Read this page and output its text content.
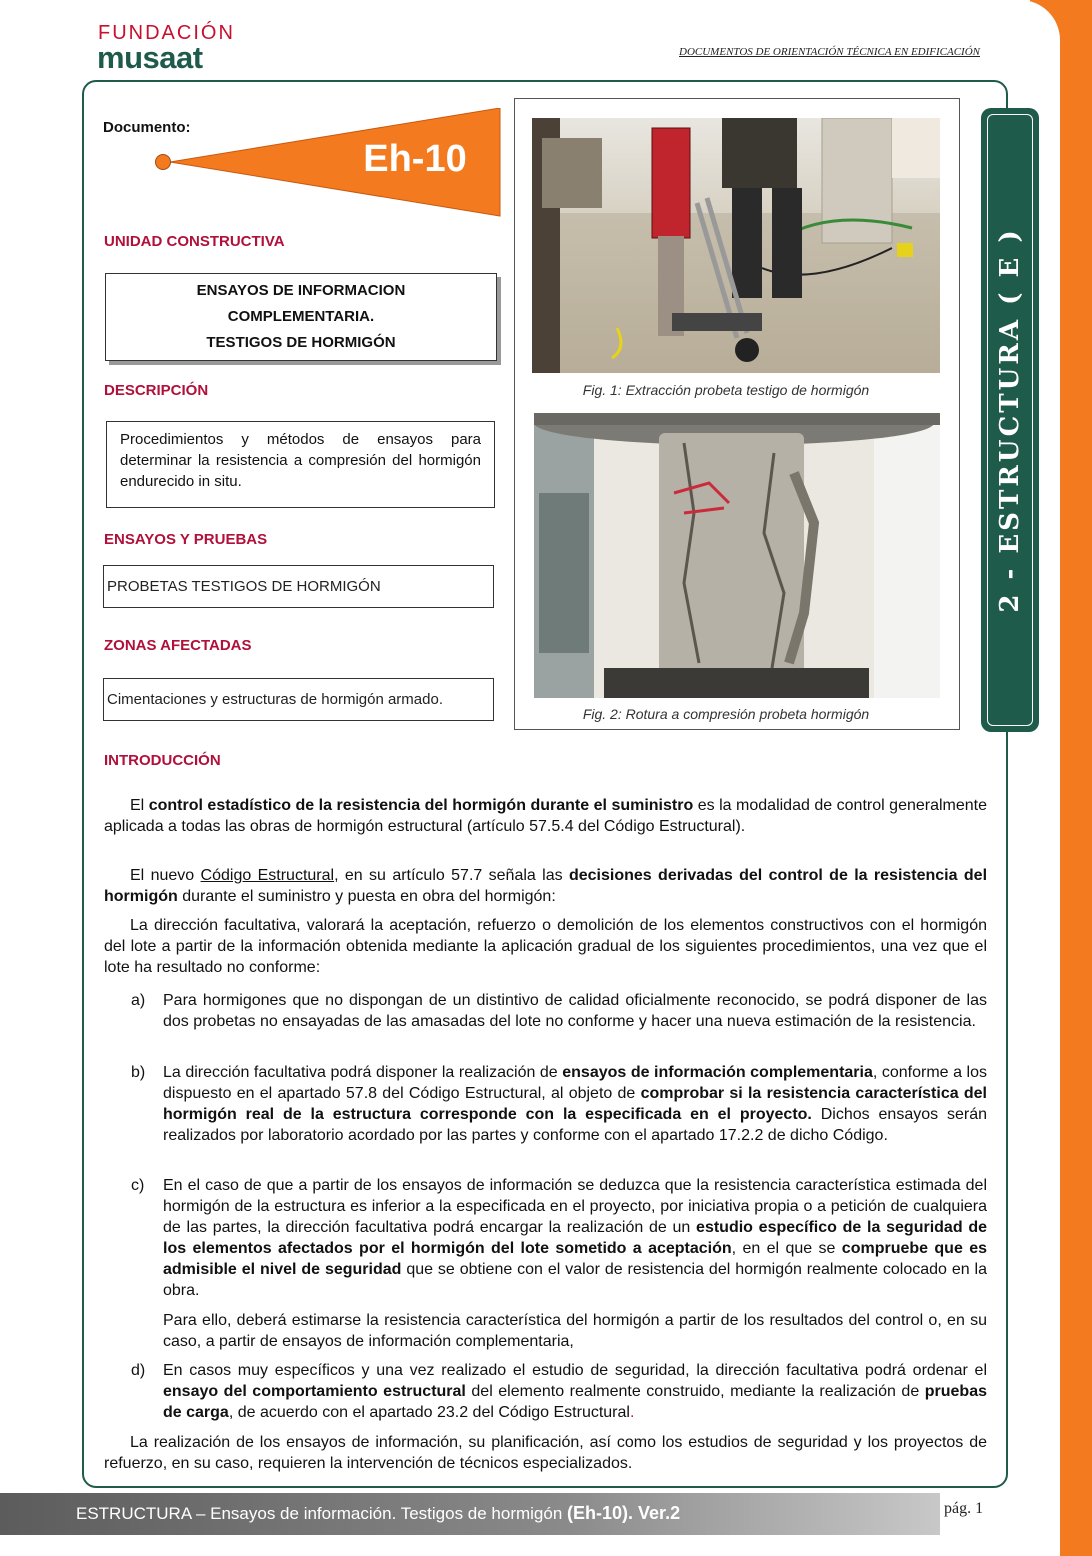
FUNDACIÓN
musaat	DOCUMENTOS DE ORIENTACIÓN TÉCNICA EN EDIFICACIÓN
2 - ESTRUCTURA ( E )
Documento:
Eh-10
UNIDAD CONSTRUCTIVA
ENSAYOS DE INFORMACION
COMPLEMENTARIA.
TESTIGOS DE HORMIGÓN
DESCRIPCIÓN
Procedimientos y métodos de ensayos para determinar la resistencia a compresión del hormigón endurecido in situ.
ENSAYOS Y PRUEBAS
PROBETAS TESTIGOS DE HORMIGÓN
ZONAS AFECTADAS
Cimentaciones y estructuras de hormigón armado.
Fig. 1: Extracción probeta testigo de hormigón
Fig. 2: Rotura a compresión probeta hormigón
INTRODUCCIÓN
El control estadístico de la resistencia del hormigón durante el suministro es la modalidad de control generalmente aplicada a todas las obras de hormigón estructural (artículo 57.5.4 del Código Estructural).
El nuevo Código Estructural, en su artículo 57.7 señala las decisiones derivadas del control de la resistencia del hormigón durante el suministro y puesta en obra del hormigón:
La dirección facultativa, valorará la aceptación, refuerzo o demolición de los elementos constructivos con el hormigón del lote a partir de la información obtenida mediante la aplicación gradual de los siguientes procedimientos, una vez que el lote ha resultado no conforme:
a) Para hormigones que no dispongan de un distintivo de calidad oficialmente reconocido, se podrá disponer de las dos probetas no ensayadas de las amasadas del lote no conforme y hacer una nueva estimación de la resistencia.
b) La dirección facultativa podrá disponer la realización de ensayos de información complementaria, conforme a los dispuesto en el apartado 57.8 del Código Estructural, al objeto de comprobar si la resistencia característica del hormigón real de la estructura corresponde con la especificada en el proyecto. Dichos ensayos serán realizados por laboratorio acordado por las partes y conforme con el apartado 17.2.2 de dicho Código.
c) En el caso de que a partir de los ensayos de información se deduzca que la resistencia característica estimada del hormigón de la estructura es inferior a la especificada en el proyecto, por iniciativa propia o a petición de cualquiera de las partes, la dirección facultativa podrá encargar la realización de un estudio específico de la seguridad de los elementos afectados por el hormigón del lote sometido a aceptación, en el que se compruebe que es admisible el nivel de seguridad que se obtiene con el valor de resistencia del hormigón realmente colocado en la obra.
Para ello, deberá estimarse la resistencia característica del hormigón a partir de los resultados del control o, en su caso, a partir de ensayos de información complementaria,
d) En casos muy específicos y una vez realizado el estudio de seguridad, la dirección facultativa podrá ordenar el ensayo del comportamiento estructural del elemento realmente construido, mediante la realización de pruebas de carga, de acuerdo con el apartado 23.2 del Código Estructural.
La realización de los ensayos de información, su planificación, así como los estudios de seguridad y los proyectos de refuerzo, en su caso, requieren la intervención de técnicos especializados.
ESTRUCTURA – Ensayos de información. Testigos de hormigón (Eh-10). Ver.2	pág. 1
